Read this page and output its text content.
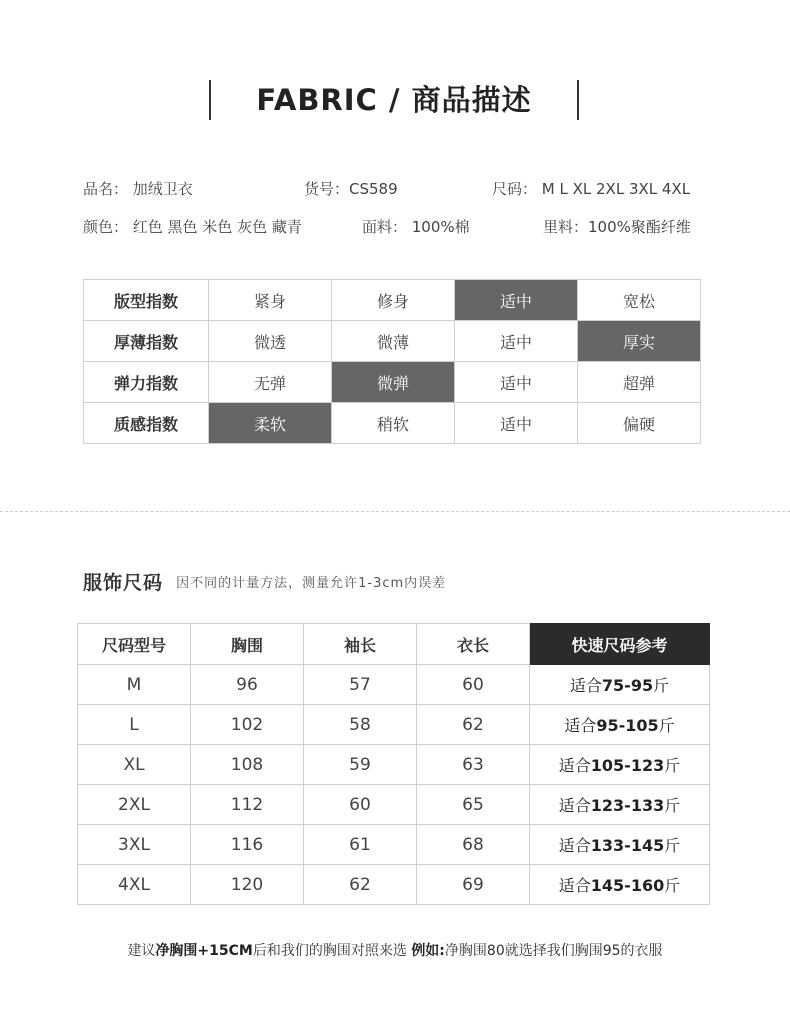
FABRIC / 商品描述
品名： 加绒卫衣	货号：CS589	尺码： M L XL 2XL 3XL 4XL
颜色： 红色 黑色 米色 灰色 藏青	面料： 100%棉	里料：100%聚酯纤维
版型指数	紧身	修身	适中	宽松
厚薄指数	微透	微薄	适中	厚实
弹力指数	无弹	微弹	适中	超弹
质感指数	柔软	稍软	适中	偏硬
服饰尺码 因不同的计量方法，测量允许1-3cm内误差
尺码型号	胸围	袖长	衣长	快速尺码参考
M	96	57	60	适合75-95斤
L	102	58	62	适合95-105斤
XL	108	59	63	适合105-123斤
2XL	112	60	65	适合123-133斤
3XL	116	61	68	适合133-145斤
4XL	120	62	69	适合145-160斤
建议净胸围+15CM后和我们的胸围对照来选 例如:净胸围80就选择我们胸围95的衣服
